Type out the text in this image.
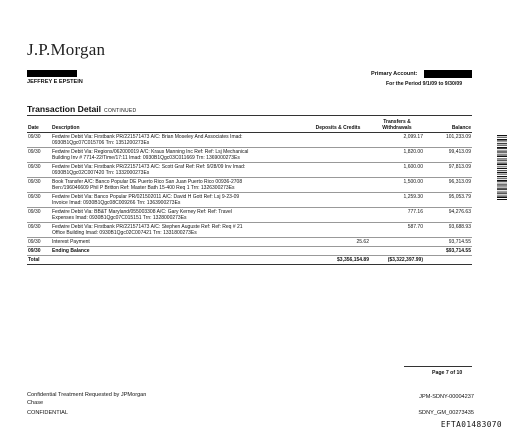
J.P.Morgan
JEFFREY E EPSTEIN
Primary Account:
For the Period 9/1/09 to 9/30/09
Transaction Detail CONTINUED
Date	Description	Deposits & Credits	Transfers & Withdrawals	Balance
09/30	Fedwire Debit Via: Firstbank PR/221571473 A/C: Brian Moseley And Associates Imad:
0930B1Qgc07C015706 Trn: 1351200273Es		2,099.17	101,233.09
09/30	Fedwire Debit Via: Regions/062000019 A/C: Kraus Manning Inc Ref: Ref: Lsj Mechanical
Building Inv # 7714-22/Time/17:11 Imad: 0930B1Qgc03C011669 Trn: 1369000273Es		1,820.00	99,413.09
09/30	Fedwire Debit Via: Firstbank PR/221571473 A/C: Scott Graf Ref: Ref: 9/28/09 Inv Imad:
0930B1Qgc02C007420 Trn: 1332000273Es		1,600.00	97,813.09
09/30	Book Transfer A/C: Banco Popular DE Puerto Rico San Juan Puerto Rico 00936-2708
Ben:/196046609 Phil P Britton Ref: Master Bath 15-400 Req 1 Trn: 1326300273Es		1,500.00	96,313.09
09/30	Fedwire Debit Via: Banco Popular PR/021502011 A/C: David H Gott Ref: Lsj 9-23-09
Invoice Imad: 0930B1Qgc08C009266 Trn: 1363900273Es		1,259.30	95,053.79
09/30	Fedwire Debit Via: BB&T Maryland/055003308 A/C: Gary Kerney Ref: Ref: Travel
Expenses Imad: 0930B1Qgc07C015151 Trn: 1328000273Es		777.16	94,276.63
09/30	Fedwire Debit Via: Firstbank PR/221571473 A/C: Stephen Auguste Ref: Ref: Req # 21
Office Building Imad: 0930B1Qgc02C007421 Trn: 1331800273Es		587.70	93,688.93
09/30	Interest Payment	25.62		93,714.55
09/30	Ending Balance			$93,714.55
Total		$3,356,154.89	($3,322,397.99)	
Page 7 of 10
Confidential Treatment Requested by JPMorgan
Chase
CONFIDENTIAL
JPM-SDNY-00004237
SDNY_GM_00273435
EFTA01483070
